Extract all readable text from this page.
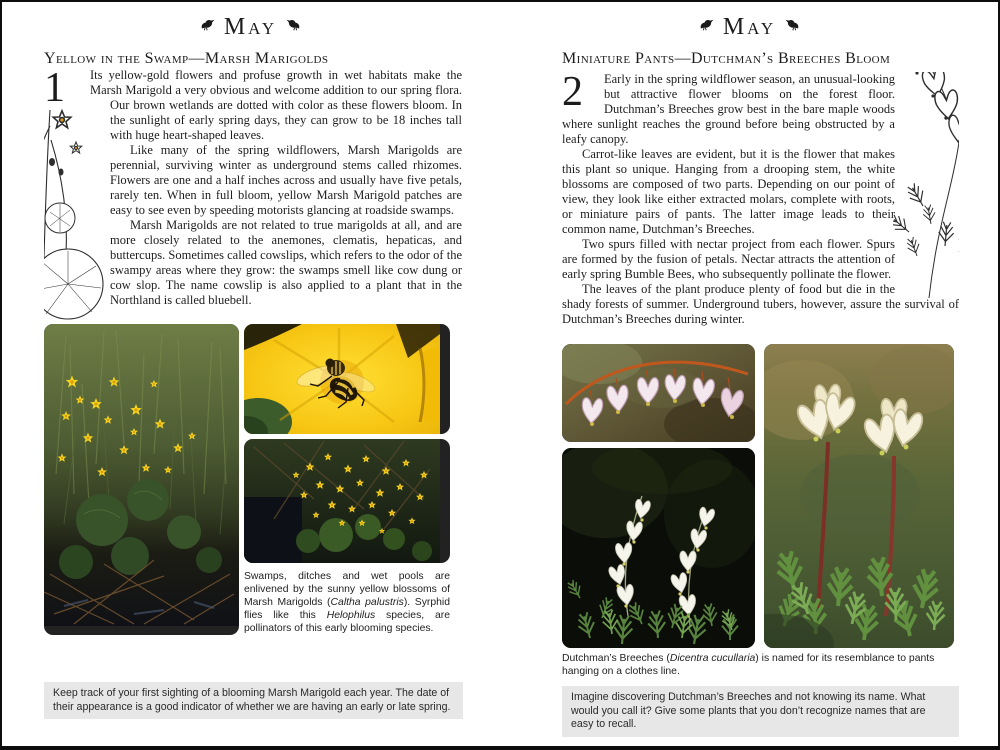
May
Yellow in the Swamp—Marsh Marigolds
1	Its yellow-gold flowers and profuse growth in wet habitats make the Marsh Marigold a very obvious and welcome addition to our spring flora. Our brown wetlands are dotted with color as these flowers bloom. In the sunlight of early spring days, they can grow to be 18 inches tall with huge heart-shaped leaves.

Like many of the spring wildflowers, Marsh Marigolds are perennial, surviving winter as underground stems called rhizomes. Flowers are one and a half inches across and usually have five petals, rarely ten. When in full bloom, yellow Marsh Marigold patches are easy to see even by speeding motorists glancing at roadside swamps.

Marsh Marigolds are not related to true marigolds at all, and are more closely related to the anemones, clematis, hepaticas, and buttercups. Sometimes called cowslips, which refers to the odor of the swampy areas where they grow: the swamps smell like cow dung or cow slop. The name cowslip is also applied to a plant that in the Northland is called bluebell.

Swamps, ditches and wet pools are enlivened by the sunny yellow blossoms of Marsh Marigolds (Caltha palustris). Syrphid flies like this Helophilus species, are pollinators of this early blooming species.
Keep track of your first sighting of a blooming Marsh Marigold each year. The date of their appearance is a good indicator of whether we are having an early or late spring.
May
Miniature Pants—Dutchman’s Breeches Bloom
2	Early in the spring wildflower season, an unusual-looking but attractive flower blooms on the forest floor. Dutchman’s Breeches grow best in the bare maple woods where sunlight reaches the ground before being obstructed by a leafy canopy.

Carrot-like leaves are evident, but it is the flower that makes this plant so unique. Hanging from a drooping stem, the white blossoms are composed of two parts. Depending on our point of view, they look like either extracted molars, complete with roots, or miniature pairs of pants. The latter image leads to their common name, Dutchman’s Breeches.

Two spurs filled with nectar project from each flower. Spurs are formed by the fusion of petals. Nectar attracts the attention of early spring Bumble Bees, who subsequently pollinate the flower.

The leaves of the plant produce plenty of food but die in the shady forests of summer. Underground tubers, however, assure the survival of Dutchman’s Breeches during winter.

Dutchman’s Breeches (Dicentra cucullaria) is named for its resemblance to pants hanging on a clothes line.
Imagine discovering Dutchman’s Breeches and not knowing its name. What would you call it? Give some plants that you don’t recognize names that are easy to recall.
